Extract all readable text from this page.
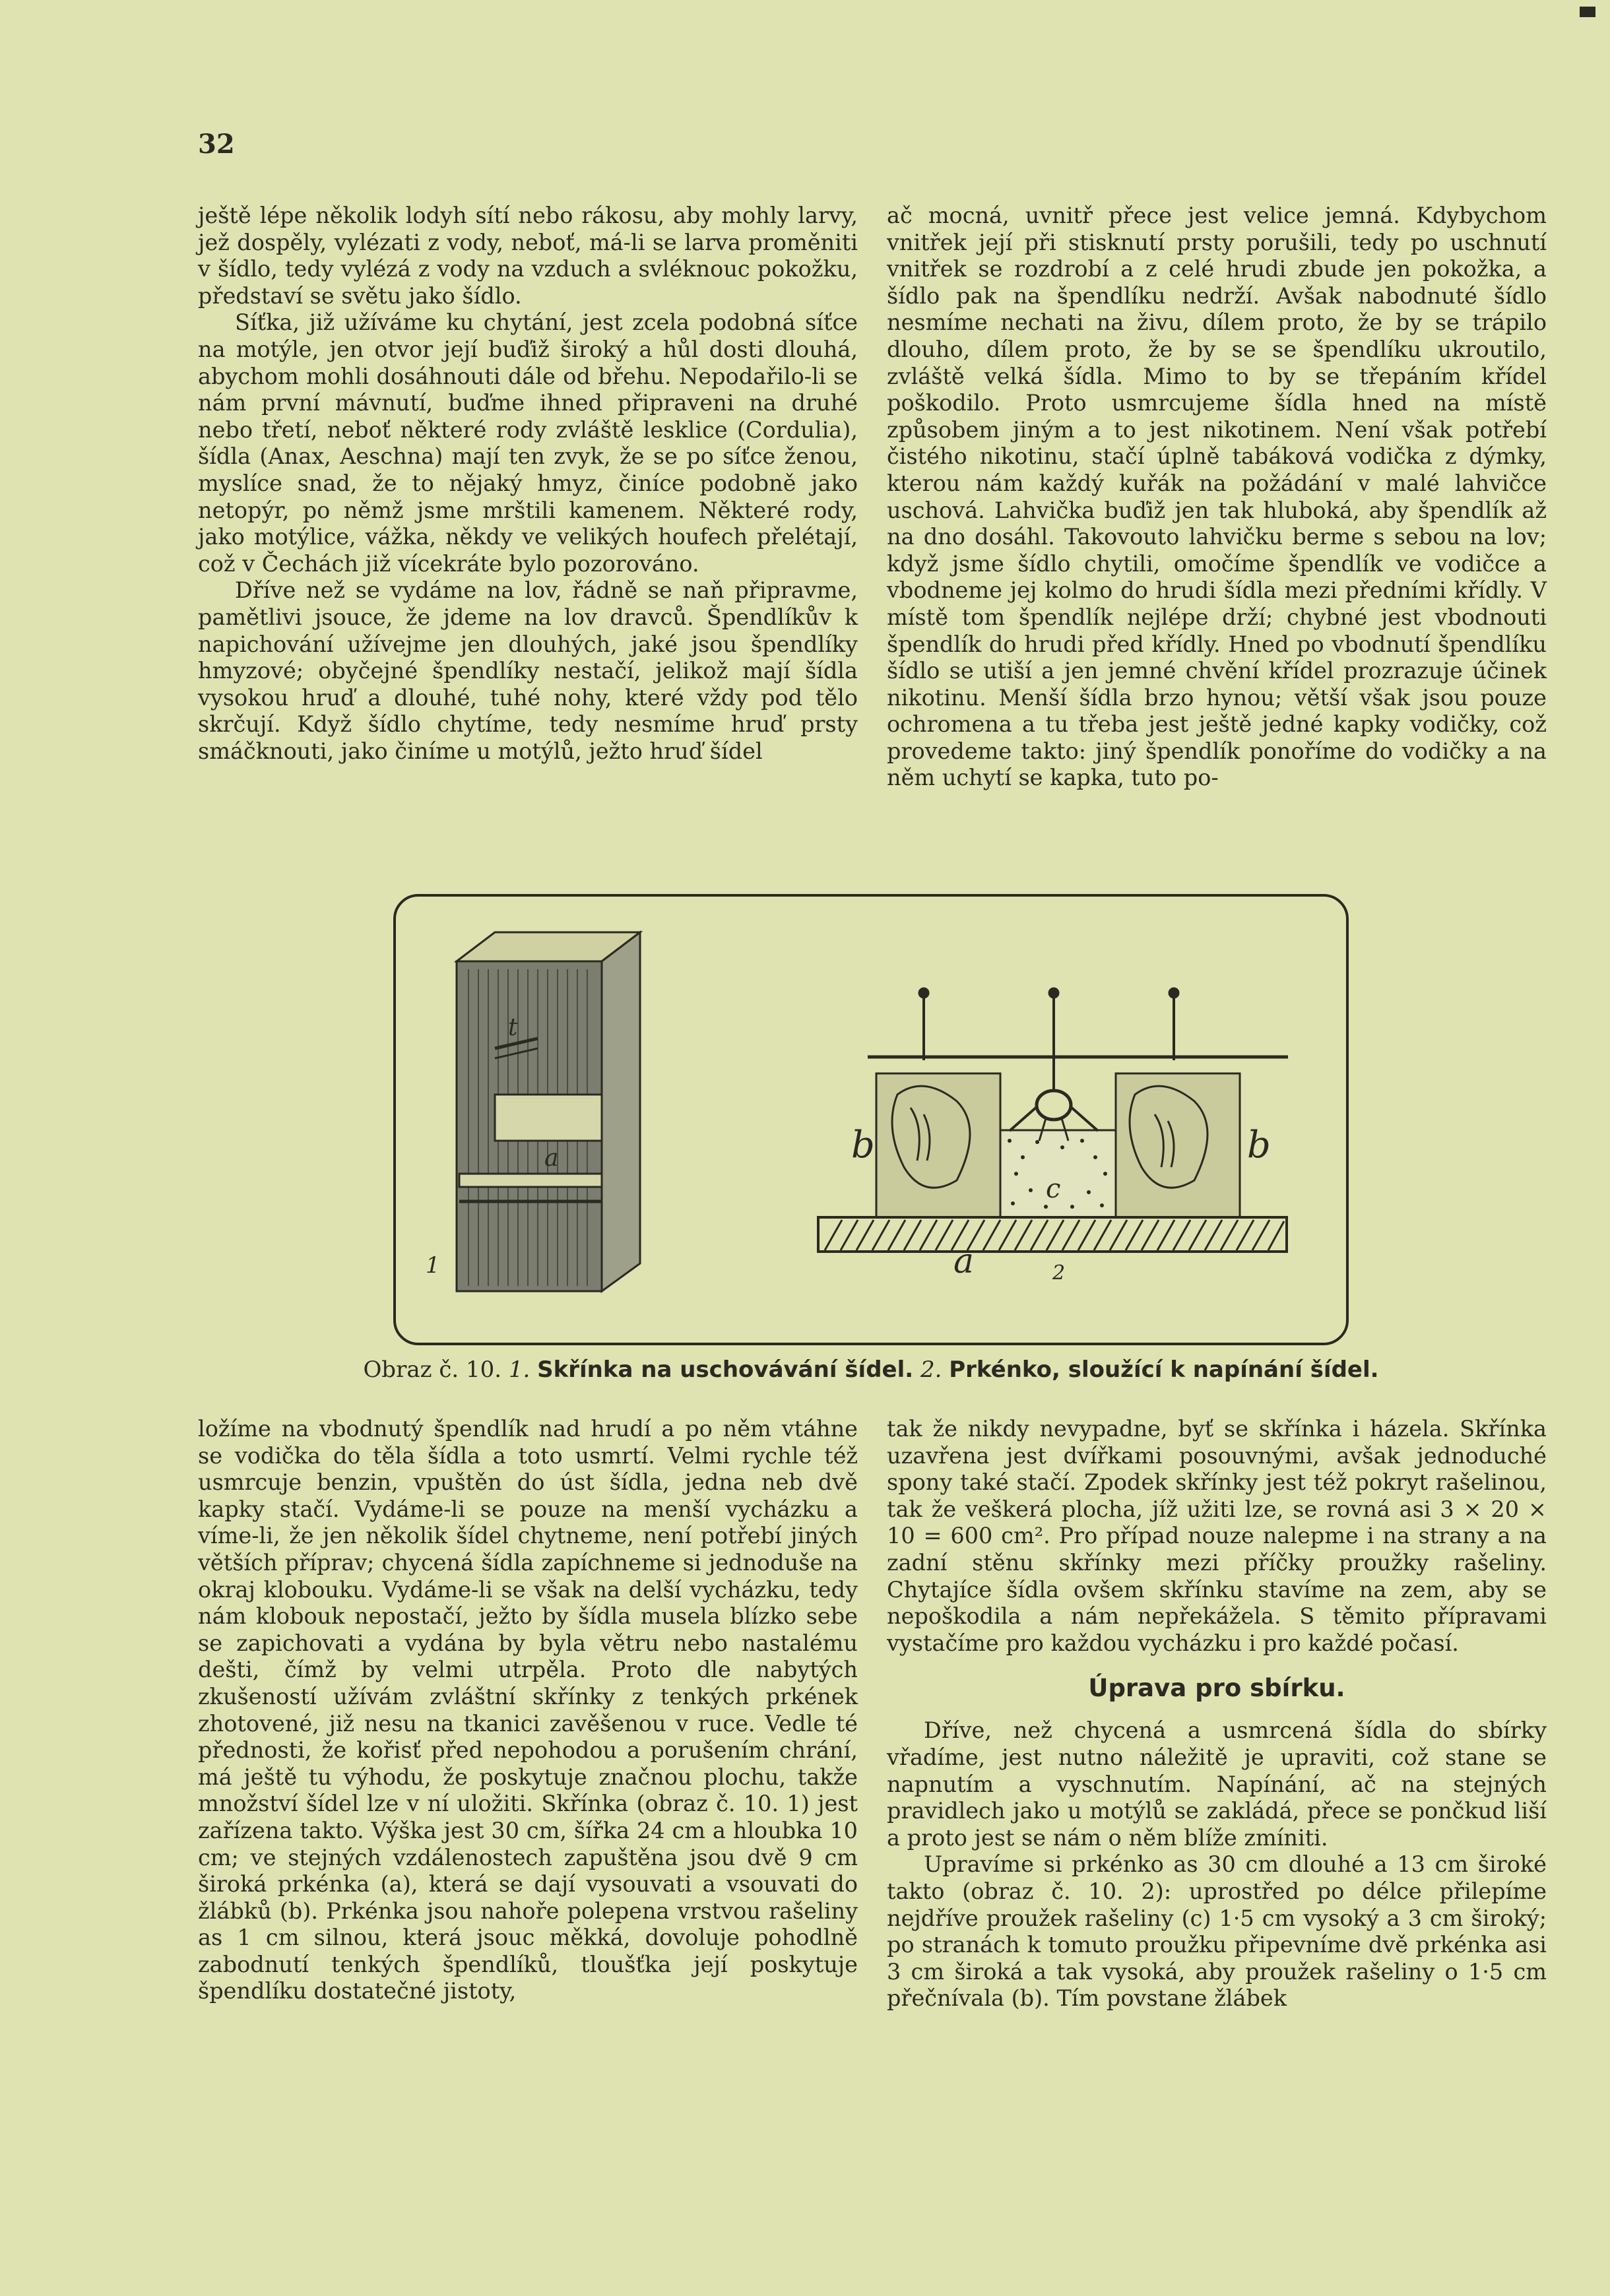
32

ještě lépe několik lodyh sítí nebo rákosu, aby mohly larvy, jež dospěly, vylézati z vody, neboť, má-li se larva proměniti v šídlo, tedy vylézá z vody na vzduch a svléknouc pokožku, představí se světu jako šídlo.

Síťka, již užíváme ku chytání, jest zcela podobná síťce na motýle, jen otvor její buďiž široký a hůl dosti dlouhá, abychom mohli dosáhnouti dále od břehu. Nepodařilo-li se nám první mávnutí, buďme ihned připraveni na druhé nebo třetí, neboť některé rody zvláště lesklice (Cordulia), šídla (Anax, Aeschna) mají ten zvyk, že se po síťce ženou, myslíce snad, že to nějaký hmyz, činíce podobně jako netopýr, po němž jsme mrštili kamenem. Některé rody, jako motýlice, vážka, někdy ve velikých houfech přelétají, což v Čechách již vícekráte bylo pozorováno.

Dříve než se vydáme na lov, řádně se naň připravme, pamětlivi jsouce, že jdeme na lov dravců. Špendlíkův k napichování užívejme jen dlouhých, jaké jsou špendlíky hmyzové; obyčejné špendlíky nestačí, jelikož mají šídla vysokou hruď a dlouhé, tuhé nohy, které vždy pod tělo skrčují. Když šídlo chytíme, tedy nesmíme hruď prsty smáčknouti, jako činíme u motýlů, ježto hruď šídel

ač mocná, uvnitř přece jest velice jemná. Kdybychom vnitřek její při stisknutí prsty porušili, tedy po uschnutí vnitřek se rozdrobí a z celé hrudi zbude jen pokožka, a šídlo pak na špendlíku nedrží. Avšak nabodnuté šídlo nesmíme nechati na živu, dílem proto, že by se trápilo dlouho, dílem proto, že by se se špendlíku ukroutilo, zvláště velká šídla. Mimo to by se třepáním křídel poškodilo. Proto usmrcujeme šídla hned na místě způsobem jiným a to jest nikotinem. Není však potřebí čistého nikotinu, stačí úplně tabáková vodička z dýmky, kterou nám každý kuřák na požádání v malé lahvičce uschová. Lahvička buďiž jen tak hluboká, aby špendlík až na dno dosáhl. Takovouto lahvičku berme s sebou na lov; když jsme šídlo chytili, omočíme špendlík ve vodičce a vbodneme jej kolmo do hrudi šídla mezi předními křídly. V místě tom špendlík nejlépe drží; chybné jest vbodnouti špendlík do hrudi před křídly. Hned po vbodnutí špendlíku šídlo se utiší a jen jemné chvění křídel prozrazuje účinek nikotinu. Menší šídla brzo hynou; větší však jsou pouze ochromena a tu třeba jest ještě jedné kapky vodičky, což provedeme takto: jiný špendlík ponoříme do vodičky a na něm uchytí se kapka, tuto po-

t
a
1
b	b
c
a	2
Obraz č. 10. 1. Skřínka na uschovávání šídel. 2. Prkénko, sloužící k napínání šídel.

ložíme na vbodnutý špendlík nad hrudí a po něm vtáhne se vodička do těla šídla a toto usmrtí. Velmi rychle též usmrcuje benzin, vpuštěn do úst šídla, jedna neb dvě kapky stačí. Vydáme-li se pouze na menší vycházku a víme-li, že jen několik šídel chytneme, není potřebí jiných větších příprav; chycená šídla zapíchneme si jednoduše na okraj klobouku. Vydáme-li se však na delší vycházku, tedy nám klobouk nepostačí, ježto by šídla musela blízko sebe se zapichovati a vydána by byla větru nebo nastalému dešti, čímž by velmi utrpěla. Proto dle nabytých zkušeností užívám zvláštní skřínky z tenkých prkének zhotovené, již nesu na tkanici zavěšenou v ruce. Vedle té přednosti, že kořisť před nepohodou a porušením chrání, má ještě tu výhodu, že poskytuje značnou plochu, takže množství šídel lze v ní uložiti. Skřínka (obraz č. 10. 1) jest zařízena takto. Výška jest 30 cm, šířka 24 cm a hloubka 10 cm; ve stejných vzdálenostech zapuštěna jsou dvě 9 cm široká prkénka (a), která se dají vysouvati a vsouvati do žlábků (b). Prkénka jsou nahoře polepena vrstvou rašeliny as 1 cm silnou, která jsouc měkká, dovoluje pohodlně zabodnutí tenkých špendlíků, tloušťka její poskytuje špendlíku dostatečné jistoty,

tak že nikdy nevypadne, byť se skřínka i házela. Skřínka uzavřena jest dvířkami posouvnými, avšak jednoduché spony také stačí. Zpodek skřínky jest též pokryt rašelinou, tak že veškerá plocha, jíž užiti lze, se rovná asi 3 × 20 × 10 = 600 cm². Pro případ nouze nalepme i na strany a na zadní stěnu skřínky mezi příčky proužky rašeliny. Chytajíce šídla ovšem skřínku stavíme na zem, aby se nepoškodila a nám nepřekážela. S těmito přípravami vystačíme pro každou vycházku i pro každé počasí.

Úprava pro sbírku.

Dříve, než chycená a usmrcená šídla do sbírky vřadíme, jest nutno náležitě je upraviti, což stane se napnutím a vyschnutím. Napínání, ač na stejných pravidlech jako u motýlů se zakládá, přece se pončkud liší a proto jest se nám o něm blíže zmíniti.

Upravíme si prkénko as 30 cm dlouhé a 13 cm široké takto (obraz č. 10. 2): uprostřed po délce přilepíme nejdříve proužek rašeliny (c) 1·5 cm vysoký a 3 cm široký; po stranách k tomuto proužku připevníme dvě prkénka asi 3 cm široká a tak vysoká, aby proužek rašeliny o 1·5 cm přečnívala (b). Tím povstane žlábek
